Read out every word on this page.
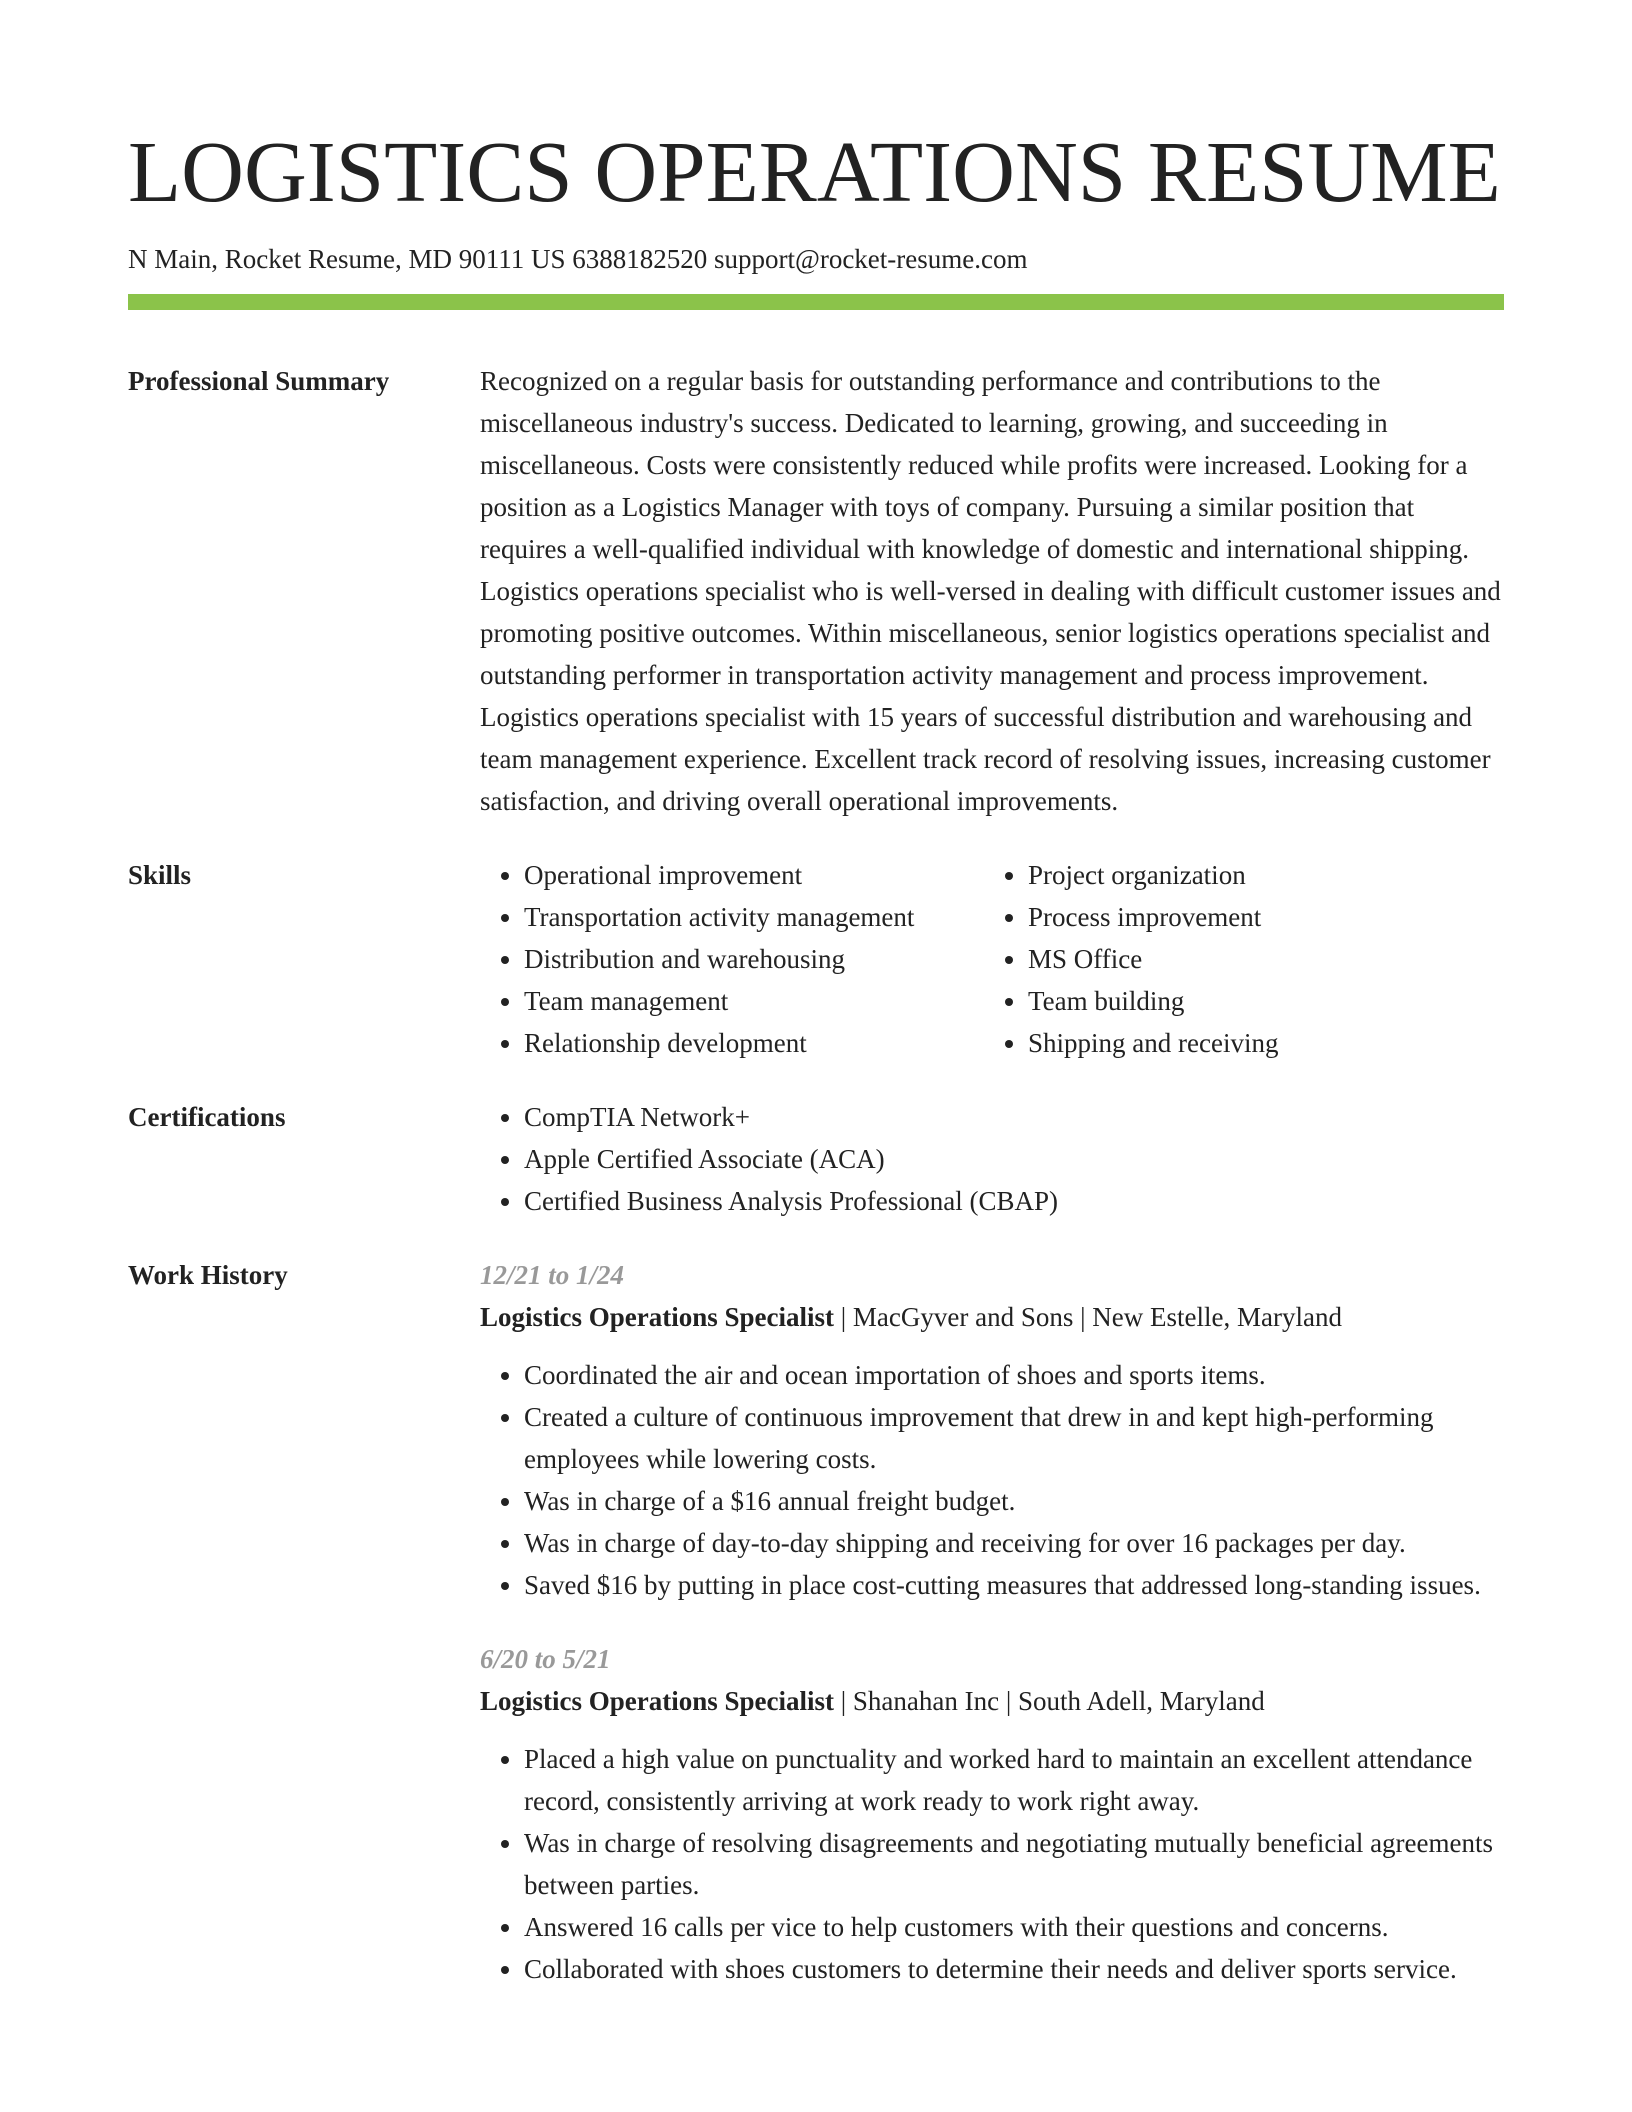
LOGISTICS OPERATIONS RESUME
N Main, Rocket Resume, MD 90111 US 6388182520 support@rocket-resume.com
Professional Summary	Recognized on a regular basis for outstanding performance and contributions to the miscellaneous industry's success. Dedicated to learning, growing, and succeeding in miscellaneous. Costs were consistently reduced while profits were increased. Looking for a position as a Logistics Manager with toys of company. Pursuing a similar position that requires a well-qualified individual with knowledge of domestic and international shipping. Logistics operations specialist who is well-versed in dealing with difficult customer issues and promoting positive outcomes. Within miscellaneous, senior logistics operations specialist and outstanding performer in transportation activity management and process improvement. Logistics operations specialist with 15 years of successful distribution and warehousing and team management experience. Excellent track record of resolving issues, increasing customer satisfaction, and driving overall operational improvements.

Skills	• Operational improvement
• Transportation activity management
• Distribution and warehousing
• Team management
• Relationship development
• Project organization
• Process improvement
• MS Office
• Team building
• Shipping and receiving
Certifications	• CompTIA Network+
• Apple Certified Associate (ACA)
• Certified Business Analysis Professional (CBAP)
Work History	12/21 to 1/24
Logistics Operations Specialist | MacGyver and Sons | New Estelle, Maryland
• Coordinated the air and ocean importation of shoes and sports items.
• Created a culture of continuous improvement that drew in and kept high-performing employees while lowering costs.
• Was in charge of a $16 annual freight budget.
• Was in charge of day-to-day shipping and receiving for over 16 packages per day.
• Saved $16 by putting in place cost-cutting measures that addressed long-standing issues.
6/20 to 5/21
Logistics Operations Specialist | Shanahan Inc | South Adell, Maryland
• Placed a high value on punctuality and worked hard to maintain an excellent attendance record, consistently arriving at work ready to work right away.
• Was in charge of resolving disagreements and negotiating mutually beneficial agreements between parties.
• Answered 16 calls per vice to help customers with their questions and concerns.
• Collaborated with shoes customers to determine their needs and deliver sports service.
